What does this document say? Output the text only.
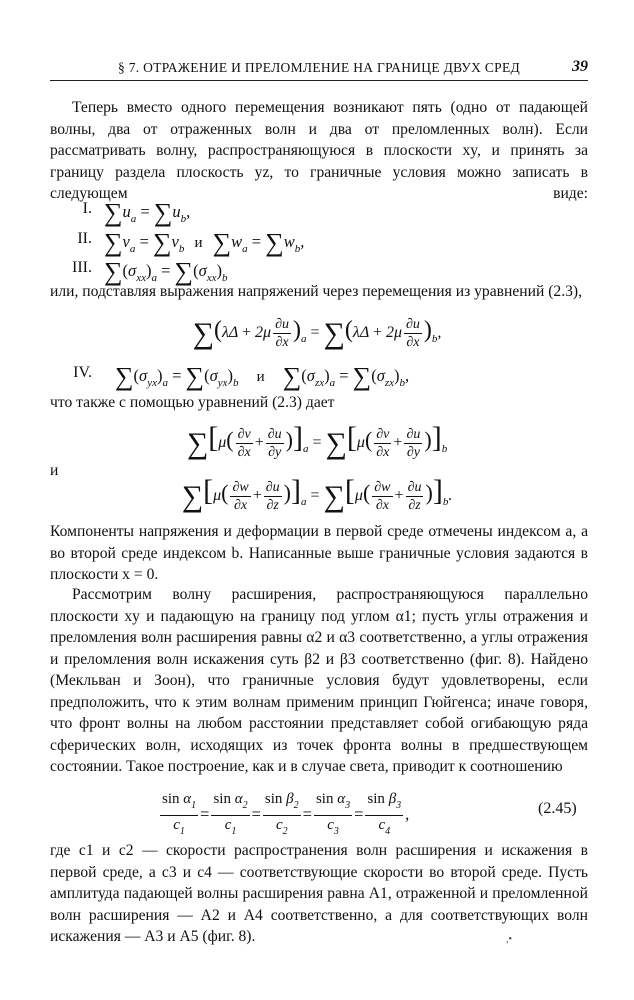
§ 7. ОТРАЖЕНИЕ И ПРЕЛОМЛЕНИЕ НА ГРАНИЦЕ ДВУХ СРЕД	39

Теперь вместо одного перемещения возникают пять (одно от падающей волны, два от отраженных волн и два от преломленных волн). Если рассматривать волну, распространяющуюся в плоскости xy, и принять за границу раздела плоскость yz, то граничные условия можно записать в следующем виде:

I. $\sum u_a = \sum u_b$,
II. $\sum v_a = \sum v_b$ и $\sum w_a = \sum w_b$,
III. $\sum(\sigma_{xx})_a = \sum(\sigma_{xx})_b$

или, подставляя выражения напряжений через перемещения из уравнений (2.3),

$\sum(\lambda\Delta + 2\mu \frac{\partial u}{\partial x} )_a = \sum(\lambda\Delta + 2\mu \frac{\partial u}{\partial x} )_b$,
IV. $\sum(\sigma_{yx})_a = \sum(\sigma_{yx})_b$ и $\sum(\sigma_{zx})_a = \sum(\sigma_{zx})_b$,

что также с помощью уравнений (2.3) дает

$\sum[\mu( \frac{\partial v}{\partial x} + \frac{\partial u}{\partial y} )]_a = \sum[\mu( \frac{\partial v}{\partial x} + \frac{\partial u}{\partial y} )]_b$
и
$\sum[\mu( \frac{\partial w}{\partial x} + \frac{\partial u}{\partial z} )]_a = \sum[\mu( \frac{\partial w}{\partial x} + \frac{\partial u}{\partial z} )]_b$.

Компоненты напряжения и деформации в первой среде отмечены индексом a, а во второй среде индексом b. Написанные выше граничные условия задаются в плоскости x = 0.

Рассмотрим волну расширения, распространяющуюся параллельно плоскости xy и падающую на границу под углом α1; пусть углы отражения и преломления волн расширения равны α2 и α3 соответственно, а углы отражения и преломления волн искажения суть β2 и β3 соответственно (фиг. 8). Найдено (Мекльван и Зоон), что граничные условия будут удовлетворены, если предположить, что к этим волнам применим принцип Гюйгенса; иначе говоря, что фронт волны на любом расстоянии представляет собой огибающую ряда сферических волн, исходящих из точек фронта волны в предшествующем состоянии. Такое построение, как и в случае света, приводит к соотношению

$\frac{\sin \alpha_1}{c_1} = \frac{\sin \alpha_2}{c_1} = \frac{\sin \beta_2}{c_2} = \frac{\sin \alpha_3}{c_3} = \frac{\sin \beta_3}{c_4}$ ,	(2.45)

где c1 и c2 — скорости распространения волн расширения и искажения в первой среде, а c3 и c4 — соответствующие скорости во второй среде. Пусть амплитуда падающей волны расширения равна A1, отраженной и преломленной волн расширения — A2 и A4 соответственно, а для соответствующих волн искажения — A3 и A5 (фиг. 8).	,•
